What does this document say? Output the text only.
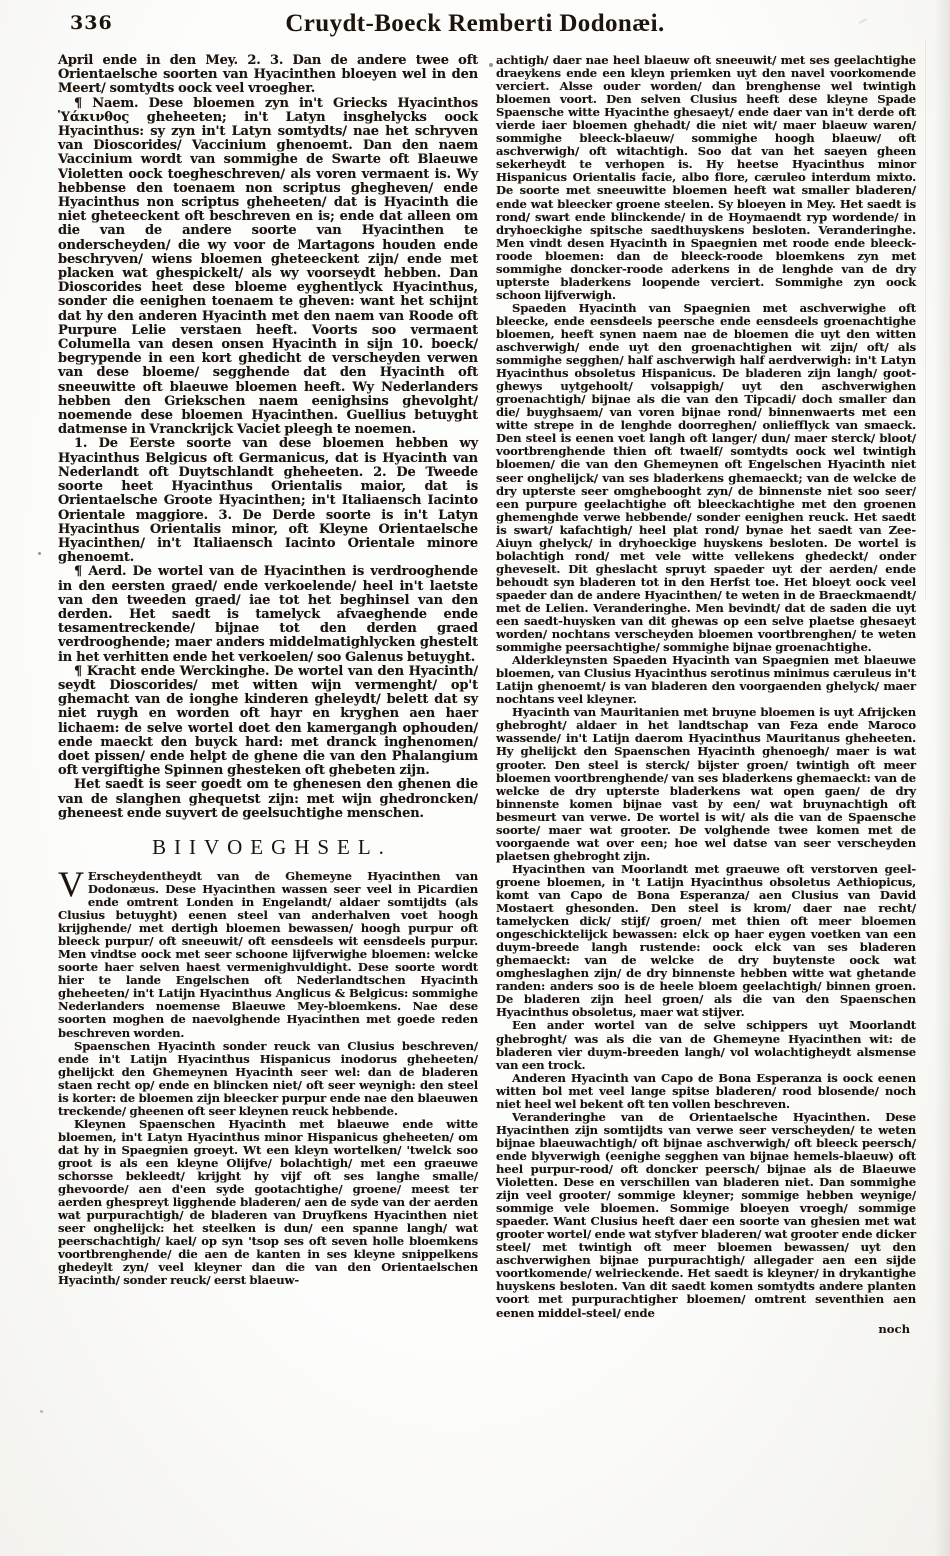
336	Cruydt-Boeck Remberti Dodonæi.

April ende in den Mey. 2. 3. Dan de andere twee oft Orientaelsche soorten van Hyacinthen bloeyen wel in den Meert/ somtydts oock veel vroegher.

¶ Naem. Dese bloemen zyn in't Griecks Hyacinthos Ὑάκινθος gheheeten; in't Latyn insghelycks oock Hyacinthus: sy zyn in't Latyn somtydts/ nae het schryven van Dioscorides/ Vaccinium ghenoemt. Dan den naem Vaccinium wordt van sommighe de Swarte oft Blaeuwe Violetten oock toegheschreven/ als voren vermaent is. Wy hebbense den toenaem non scriptus ghegheven/ ende Hyacinthus non scriptus gheheeten/ dat is Hyacinth die niet gheteeckent oft beschreven en is; ende dat alleen om die van de andere soorte van Hyacinthen te onderscheyden/ die wy voor de Martagons houden ende beschryven/ wiens bloemen gheteeckent zijn/ ende met placken wat ghespickelt/ als wy voorseydt hebben. Dan Dioscorides heet dese bloeme eyghentlyck Hyacinthus, sonder die eenighen toenaem te gheven: want het schijnt dat hy den anderen Hyacinth met den naem van Roode oft Purpure Lelie verstaen heeft. Voorts soo vermaent Columella van desen onsen Hyacinth in sijn 10. boeck/ begrypende in een kort ghedicht de verscheyden verwen van dese bloeme/ segghende dat den Hyacinth oft sneeuwitte oft blaeuwe bloemen heeft. Wy Nederlanders hebben den Griekschen naem eenighsins ghevolght/ noemende dese bloemen Hyacinthen. Guellius betuyght datmense in Vranckrijck Vaciet pleegh te noemen.

1. De Eerste soorte van dese bloemen hebben wy Hyacinthus Belgicus oft Germanicus, dat is Hyacinth van Nederlandt oft Duytschlandt gheheeten. 2. De Tweede soorte heet Hyacinthus Orientalis maior, dat is Orientaelsche Groote Hyacinthen; in't Italiaensch Iacinto Orientale maggiore. 3. De Derde soorte is in't Latyn Hyacinthus Orientalis minor, oft Kleyne Orientaelsche Hyacinthen/ in't Italiaensch Iacinto Orientale minore ghenoemt.

¶ Aerd. De wortel van de Hyacinthen is verdrooghende in den eersten graed/ ende verkoelende/ heel in't laetste van den tweeden graed/ iae tot het beghinsel van den derden. Het saedt is tamelyck afvaeghende ende tesamentreckende/ bijnae tot den derden graed verdrooghende; maer anders middelmatighlycken ghestelt in het verhitten ende het verkoelen/ soo Galenus betuyght.

¶ Kracht ende Werckinghe. De wortel van den Hyacinth/ seydt Dioscorides/ met witten wijn vermenght/ op't ghemacht van de ionghe kinderen gheleydt/ belett dat sy niet ruygh en worden oft hayr en kryghen aen haer lichaem: de selve wortel doet den kamergangh ophouden/ ende maeckt den buyck hard: met dranck inghenomen/ doet pissen/ ende helpt de ghene die van den Phalangium oft vergiftighe Spinnen ghesteken oft ghebeten zijn.

Het saedt is seer goedt om te ghenesen den ghenen die van de slanghen ghequetst zijn: met wijn ghedroncken/ gheneest ende suyvert de geelsuchtighe menschen.

BIIVOEGHSEL.

V Erscheydentheydt van de Ghemeyne Hyacinthen van Dodonæus. Dese Hyacinthen wassen seer veel in Picardien ende omtrent Londen in Engelandt/ aldaer somtijdts (als Clusius betuyght) eenen steel van anderhalven voet hoogh krijghende/ met dertigh bloemen bewassen/ hoogh purpur oft bleeck purpur/ oft sneeuwit/ oft eensdeels wit eensdeels purpur. Men vindtse oock met seer schoone lijfverwighe bloemen: welcke soorte haer selven haest vermenighvuldight. Dese soorte wordt hier te lande Engelschen oft Nederlandtschen Hyacinth gheheeten/ in't Latijn Hyacinthus Anglicus & Belgicus: sommighe Nederlanders noemense Blaeuwe Mey-bloemkens. Nae dese soorten moghen de naevolghende Hyacinthen met goede reden beschreven worden.

Spaenschen Hyacinth sonder reuck van Clusius beschreven/ ende in't Latijn Hyacinthus Hispanicus inodorus gheheeten/ ghelijckt den Ghemeynen Hyacinth seer wel: dan de bladeren staen recht op/ ende en blincken niet/ oft seer weynigh: den steel is korter: de bloemen zijn bleecker purpur ende nae den blaeuwen treckende/ gheenen oft seer kleynen reuck hebbende.

Kleynen Spaenschen Hyacinth met blaeuwe ende witte bloemen, in't Latyn Hyacinthus minor Hispanicus gheheeten/ om dat hy in Spaegnien groeyt. Wt een kleyn wortelken/ 'twelck soo groot is als een kleyne Olijfve/ bolachtigh/ met een graeuwe schorsse bekleedt/ krijght hy vijf oft ses langhe smalle/ ghevoorde/ aen d'een syde gootachtighe/ groene/ meest ter aerden ghespreyt ligghende bladeren/ aen de syde van der aerden wat purpurachtigh/ de bladeren van Druyfkens Hyacinthen niet seer onghelijck: het steelken is dun/ een spanne langh/ wat peerschachtigh/ kael/ op syn 'tsop ses oft seven holle bloemkens voortbrenghende/ die aen de kanten in ses kleyne snippelkens ghedeylt zyn/ veel kleyner dan die van den Orientaelschen Hyacinth/ sonder reuck/ eerst blaeuw-

achtigh/ daer nae heel blaeuw oft sneeuwit/ met ses geelachtighe draeykens ende een kleyn priemken uyt den navel voorkomende verciert. Alsse ouder worden/ dan brenghense wel twintigh bloemen voort. Den selven Clusius heeft dese kleyne Spade Spaensche witte Hyacinthe ghesaeyt/ ende daer van in't derde oft vierde iaer bloemen ghehadt/ die niet wit/ maer blaeuw waren/ sommighe bleeck-blaeuw/ sommighe hoogh blaeuw/ oft aschverwigh/ oft witachtigh. Soo dat van het saeyen gheen sekerheydt te verhopen is. Hy heetse Hyacinthus minor Hispanicus Orientalis facie, albo flore, cæruleo interdum mixto. De soorte met sneeuwitte bloemen heeft wat smaller bladeren/ ende wat bleecker groene steelen. Sy bloeyen in Mey. Het saedt is rond/ swart ende blinckende/ in de Hoymaendt ryp wordende/ in dryhoeckighe spitsche saedthuyskens besloten. Veranderinghe. Men vindt desen Hyacinth in Spaegnien met roode ende bleeck-roode bloemen: dan de bleeck-roode bloemkens zyn met sommighe doncker-roode aderkens in de lenghde van de dry upterste bladerkens loopende verciert. Sommighe zyn oock schoon lijfverwigh.

Spaeden Hyacinth van Spaegnien met aschverwighe oft bleecke, ende eensdeels peersche ende eensdeels groenachtighe bloemen, heeft synen naem nae de bloemen die uyt den witten aschverwigh/ ende uyt den groenachtighen wit zijn/ oft/ als sommighe segghen/ half aschverwigh half aerdverwigh: in't Latyn Hyacinthus obsoletus Hispanicus. De bladeren zijn langh/ goot-ghewys uytgehoolt/ volsappigh/ uyt den aschverwighen groenachtigh/ bijnae als die van den Tipcadi/ doch smaller dan die/ buyghsaem/ van voren bijnae rond/ binnenwaerts met een witte strepe in de lenghde doorreghen/ onliefflyck van smaeck. Den steel is eenen voet langh oft langer/ dun/ maer sterck/ bloot/ voortbrenghende thien oft twaelf/ somtydts oock wel twintigh bloemen/ die van den Ghemeynen oft Engelschen Hyacinth niet seer onghelijck/ van ses bladerkens ghemaeckt; van de welcke de dry upterste seer omghebooght zyn/ de binnenste niet soo seer/ een purpure geelachtighe oft bleeckachtighe met den groenen ghemenghde verwe hebbende/ sonder eenighen reuck. Het saedt is swart/ kafachtigh/ heel plat rond/ bynae het saedt van Zee-Aiuyn ghelyck/ in dryhoeckige huyskens besloten. De wortel is bolachtigh rond/ met vele witte vellekens ghedeckt/ onder gheveselt. Dit gheslacht spruyt spaeder uyt der aerden/ ende behoudt syn bladeren tot in den Herfst toe. Het bloeyt oock veel spaeder dan de andere Hyacinthen/ te weten in de Braeckmaendt/ met de Lelien. Veranderinghe. Men bevindt/ dat de saden die uyt een saedt-huysken van dit ghewas op een selve plaetse ghesaeyt worden/ nochtans verscheyden bloemen voortbrenghen/ te weten sommighe peersachtighe/ sommighe bijnae groenachtighe.

Alderkleynsten Spaeden Hyacinth van Spaegnien met blaeuwe bloemen, van Clusius Hyacinthus serotinus minimus cæruleus in't Latijn ghenoemt/ is van bladeren den voorgaenden ghelyck/ maer nochtans veel kleyner.

Hyacinth van Mauritanien met bruyne bloemen is uyt Afrijcken ghebroght/ aldaer in het landtschap van Feza ende Maroco wassende/ in't Latijn daerom Hyacinthus Mauritanus gheheeten. Hy ghelijckt den Spaenschen Hyacinth ghenoegh/ maer is wat grooter. Den steel is sterck/ bijster groen/ twintigh oft meer bloemen voortbrenghende/ van ses bladerkens ghemaeckt: van de welcke de dry upterste bladerkens wat open gaen/ de dry binnenste komen bijnae vast by een/ wat bruynachtigh oft besmeurt van verwe. De wortel is wit/ als die van de Spaensche soorte/ maer wat grooter. De volghende twee komen met de voorgaende wat over een; hoe wel datse van seer verscheyden plaetsen ghebroght zijn.

Hyacinthen van Moorlandt met graeuwe oft verstorven geel-groene bloemen, in 't Latijn Hyacinthus obsoletus Aethiopicus, komt van Capo de Bona Esperanza/ aen Clusius van David Mostaert ghesonden. Den steel is krom/ daer nae recht/ tamelycken dick/ stijf/ groen/ met thien oft meer bloemen ongeschicktelijck bewassen: elck op haer eygen voetken van een duym-breede langh rustende: oock elck van ses bladeren ghemaeckt: van de welcke de dry buytenste oock wat omgheslaghen zijn/ de dry binnenste hebben witte wat ghetande randen: anders soo is de heele bloem geelachtigh/ binnen groen. De bladeren zijn heel groen/ als die van den Spaenschen Hyacinthus obsoletus, maer wat stijver.

Een ander wortel van de selve schippers uyt Moorlandt ghebroght/ was als die van de Ghemeyne Hyacinthen wit: de bladeren vier duym-breeden langh/ vol wolachtigheydt alsmense van een trock.

Anderen Hyacinth van Capo de Bona Esperanza is oock eenen witten bol met veel lange spitse bladeren/ rood blosende/ noch niet heel wel bekent oft ten vollen beschreven.

Veranderinghe van de Orientaelsche Hyacinthen. Dese Hyacinthen zijn somtijdts van verwe seer verscheyden/ te weten bijnae blaeuwachtigh/ oft bijnae aschverwigh/ oft bleeck peersch/ ende blyverwigh (eenighe segghen van bijnae hemels-blaeuw) oft heel purpur-rood/ oft doncker peersch/ bijnae als de Blaeuwe Violetten. Dese en verschillen van bladeren niet. Dan sommighe zijn veel grooter/ sommige kleyner; sommige hebben weynige/ sommige vele bloemen. Sommige bloeyen vroegh/ sommige spaeder. Want Clusius heeft daer een soorte van ghesien met wat grooter wortel/ ende wat styfver bladeren/ wat grooter ende dicker steel/ met twintigh oft meer bloemen bewassen/ uyt den aschverwighen bijnae purpurachtigh/ allegader aen een sijde voortkomende/ welrieckende. Het saedt is kleyner/ in drykantighe huyskens besloten. Van dit saedt komen somtydts andere planten voort met purpurachtigher bloemen/ omtrent seventhien aen eenen middel-steel/ ende

noch
